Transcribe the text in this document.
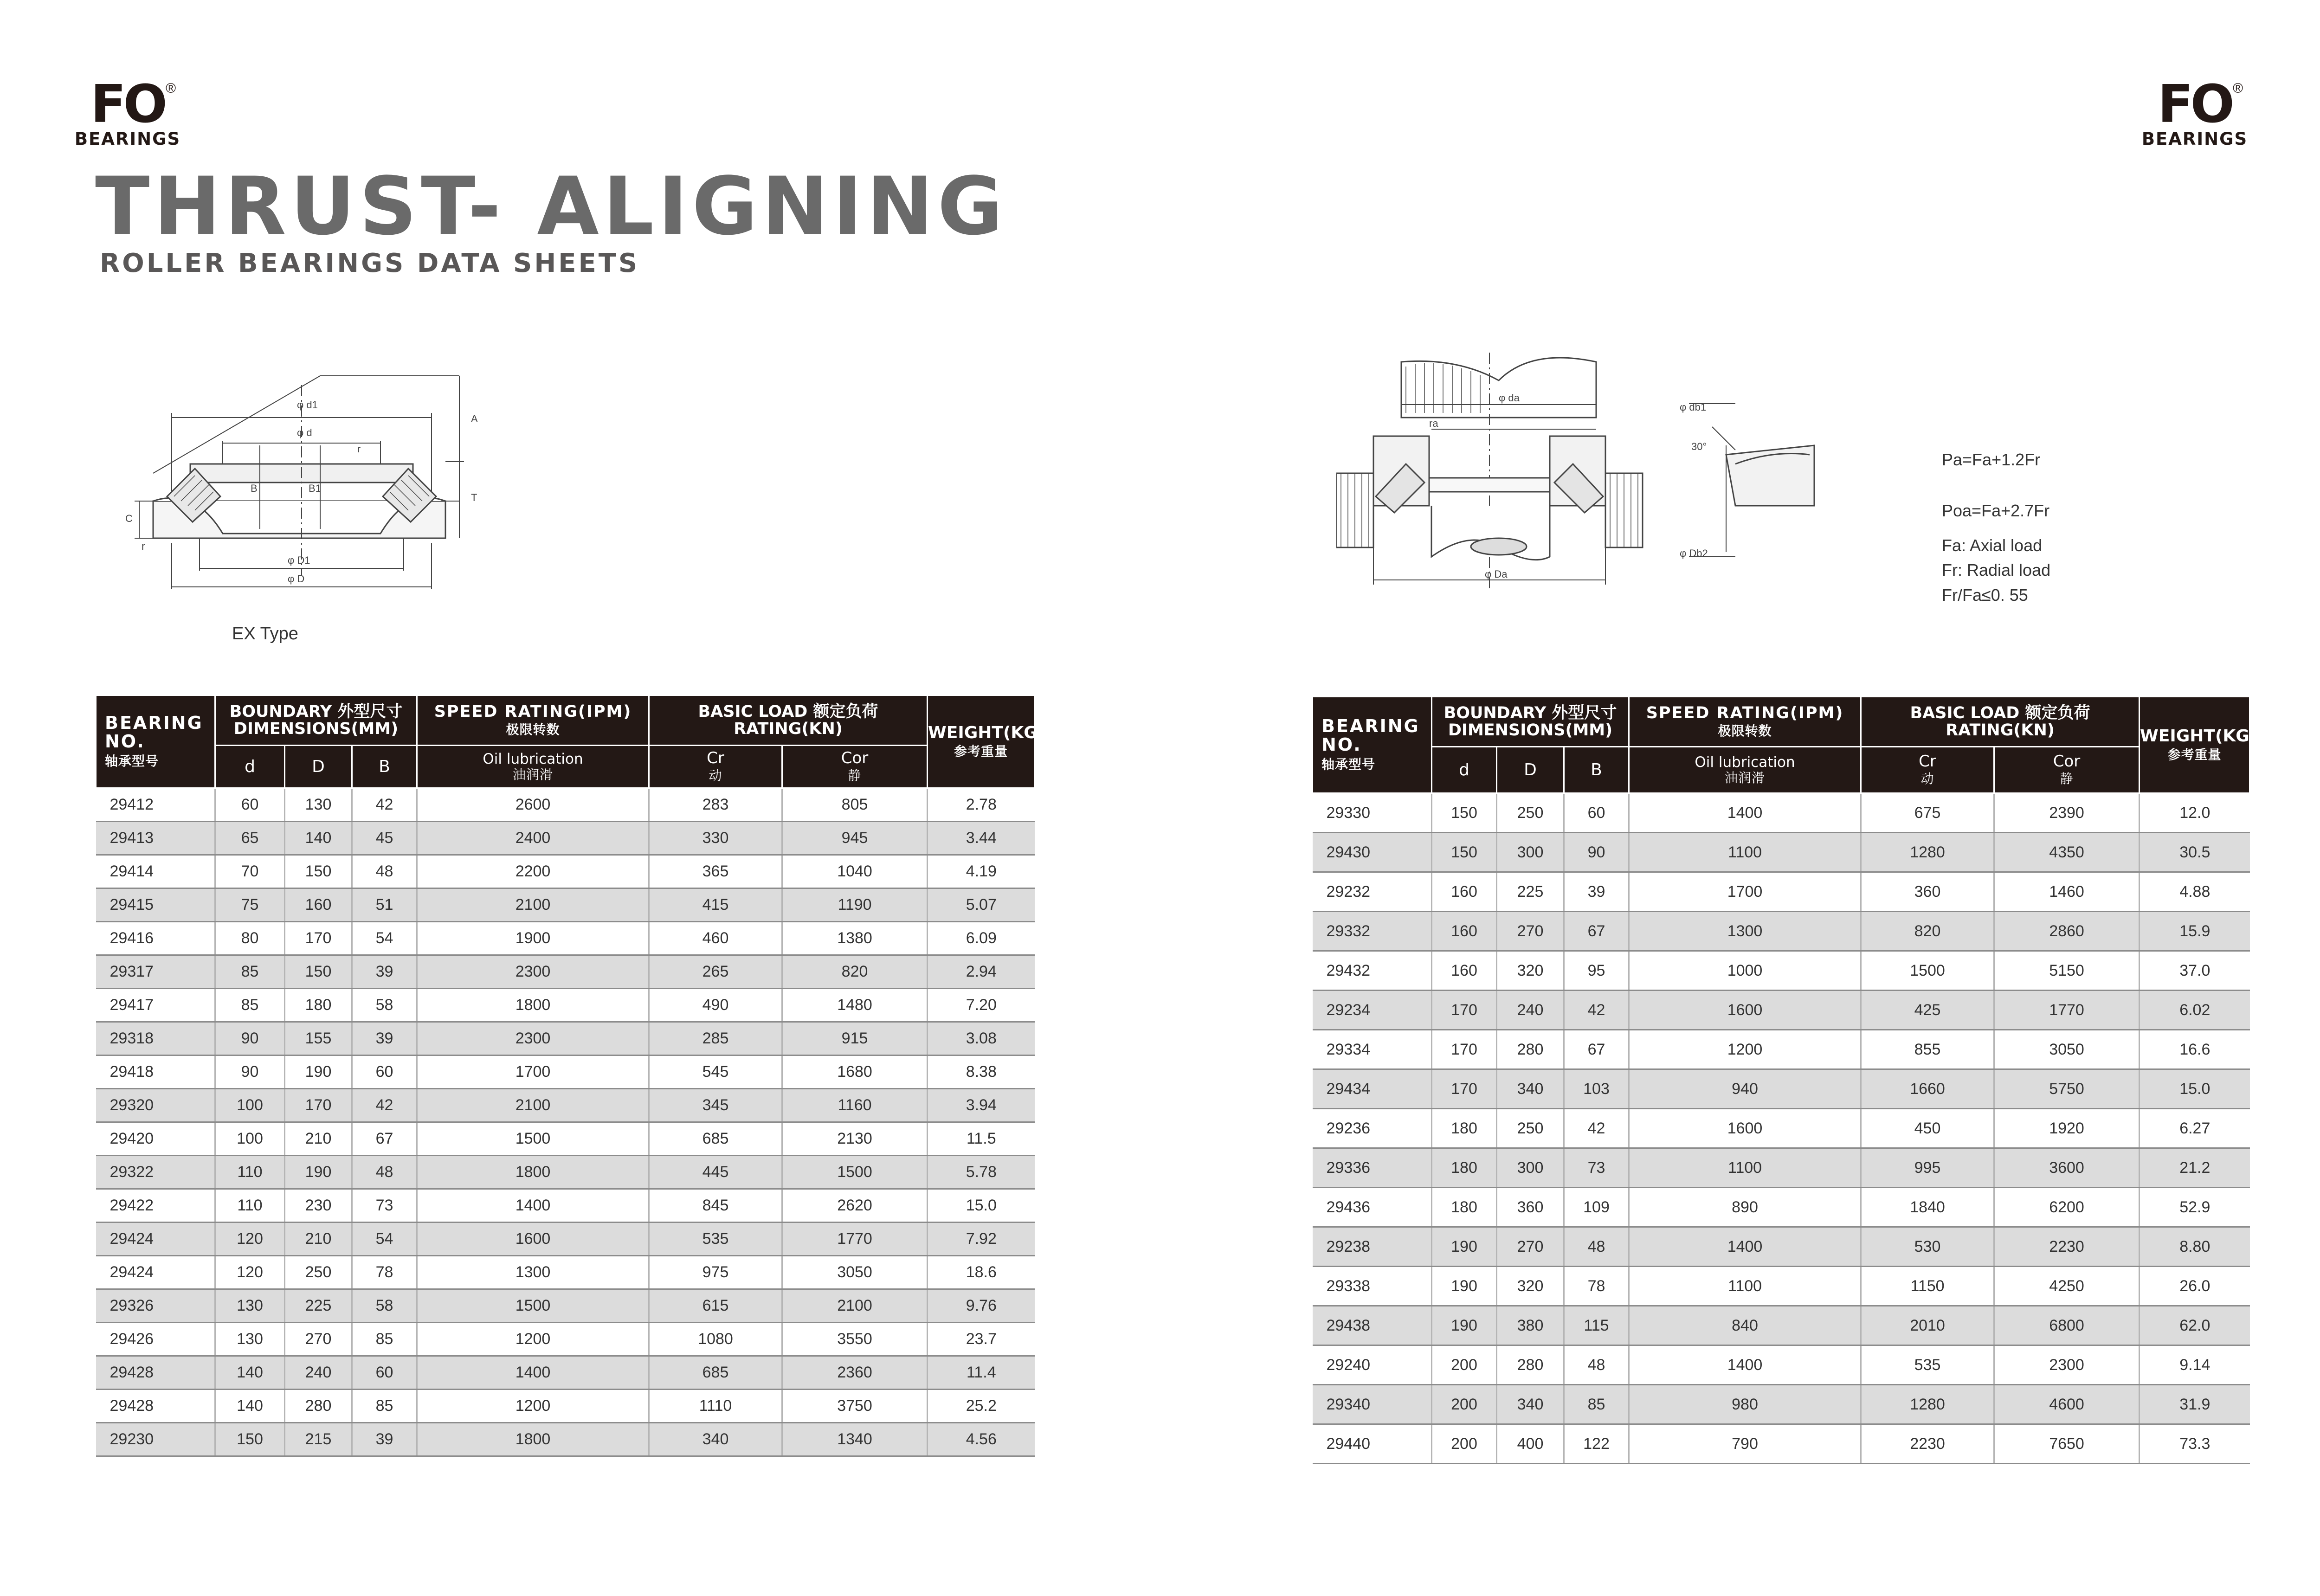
FO ®
BEARINGS
FO ®
BEARINGS
THRUST- ALIGNING
ROLLER BEARINGS DATA SHEETS
φ d1
φ d
r
A
B	B1
T
C
r
φ D1
φ D
EX Type
φ da
ra
φ Da
φ db1
30°
φ Db2
Pa=Fa+1.2Fr
Poa=Fa+2.7Fr
Fa: Axial load
Fr: Radial load
Fr/Fa≤0. 55
BEARING NO.
轴承型号	BOUNDARY 外型尺寸 DIMENSIONS(MM)			SPEED RATING(IPM)
极限转数	BASIC LOAD 额定负荷 RATING(KN)		WEIGHT(KG)
参考重量
	d	D	B	Oil lubrication
油润滑	Cr
动	Cor
静	
29412	60	130	42	2600	283	805	2.78
29413	65	140	45	2400	330	945	3.44
29414	70	150	48	2200	365	1040	4.19
29415	75	160	51	2100	415	1190	5.07
29416	80	170	54	1900	460	1380	6.09
29317	85	150	39	2300	265	820	2.94
29417	85	180	58	1800	490	1480	7.20
29318	90	155	39	2300	285	915	3.08
29418	90	190	60	1700	545	1680	8.38
29320	100	170	42	2100	345	1160	3.94
29420	100	210	67	1500	685	2130	11.5
29322	110	190	48	1800	445	1500	5.78
29422	110	230	73	1400	845	2620	15.0
29424	120	210	54	1600	535	1770	7.92
29424	120	250	78	1300	975	3050	18.6
29326	130	225	58	1500	615	2100	9.76
29426	130	270	85	1200	1080	3550	23.7
29428	140	240	60	1400	685	2360	11.4
29428	140	280	85	1200	1110	3750	25.2
29230	150	215	39	1800	340	1340	4.56
BEARING NO.
轴承型号	BOUNDARY 外型尺寸 DIMENSIONS(MM)			SPEED RATING(IPM)
极限转数	BASIC LOAD 额定负荷 RATING(KN)		WEIGHT(KG)
参考重量
	d	D	B	Oil lubrication
油润滑	Cr
动	Cor
静	
29330	150	250	60	1400	675	2390	12.0
29430	150	300	90	1100	1280	4350	30.5
29232	160	225	39	1700	360	1460	4.88
29332	160	270	67	1300	820	2860	15.9
29432	160	320	95	1000	1500	5150	37.0
29234	170	240	42	1600	425	1770	6.02
29334	170	280	67	1200	855	3050	16.6
29434	170	340	103	940	1660	5750	15.0
29236	180	250	42	1600	450	1920	6.27
29336	180	300	73	1100	995	3600	21.2
29436	180	360	109	890	1840	6200	52.9
29238	190	270	48	1400	530	2230	8.80
29338	190	320	78	1100	1150	4250	26.0
29438	190	380	115	840	2010	6800	62.0
29240	200	280	48	1400	535	2300	9.14
29340	200	340	85	980	1280	4600	31.9
29440	200	400	122	790	2230	7650	73.3
